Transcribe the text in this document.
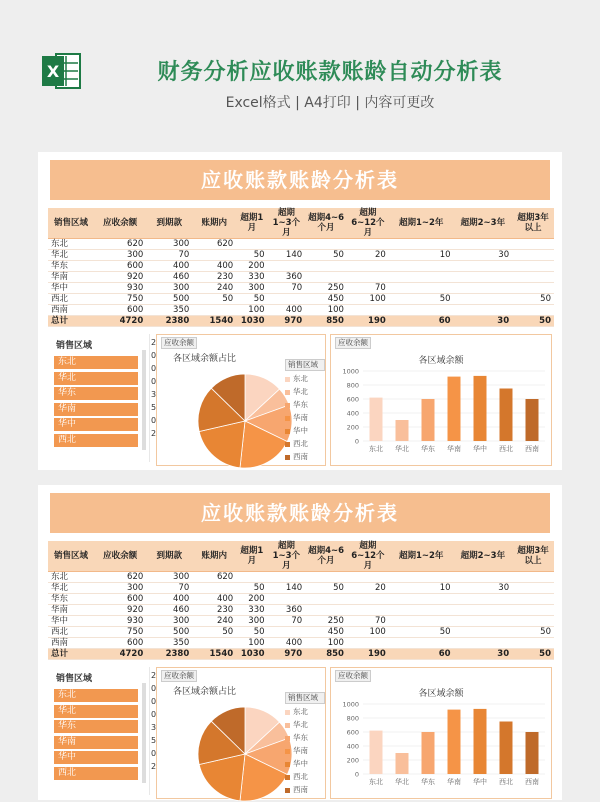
X	财务分析应收账款账龄自动分析表
Excel格式 | A4打印 | 内容可更改
应收账款账龄分析表
销售区域	应收余额	到期款	账期内	超期1月	超期1~3个月	超期4~6个月	超期6~12个月	超期1~2年	超期2~3年	超期3年以上
东北	620	300	620							
华北	300	70		50	140	50	20	10	30	
华东	600	400	400	200						
华南	920	460	230	330	360					
华中	930	300	240	300	70	250	70			
西北	750	500	50	50		450	100	50		50
西南	600	350		100	400	100				
总计	4720	2380	1540	1030	970	850	190	60	30	50
销售区域
东北
华北
华东
华南
华中
西北
应收余额
各区域余额占比
销售区域
东北
华北
华东
华南
华中
西北
西南
应收余额
各区域余额
0
200
400
600
800
1000
东北 华北 华东 华南 华中 西北 西南
2
0
0
0
3
5
0
2
应收账款账龄分析表
销售区域	应收余额	到期款	账期内	超期1月	超期1~3个月	超期4~6个月	超期6~12个月	超期1~2年	超期2~3年	超期3年以上
东北	620	300	620							
华北	300	70		50	140	50	20	10	30	
华东	600	400	400	200						
华南	920	460	230	330	360					
华中	930	300	240	300	70	250	70			
西北	750	500	50	50		450	100	50		50
西南	600	350		100	400	100				
总计	4720	2380	1540	1030	970	850	190	60	30	50
销售区域
东北
华北
华东
华南
华中
西北
应收余额
各区域余额占比
销售区域
东北
华北
华东
华南
华中
西北
西南
应收余额
各区域余额
0
200
400
600
800
1000
东北 华北 华东 华南 华中 西北 西南
2
0
0
0
3
5
0
2
